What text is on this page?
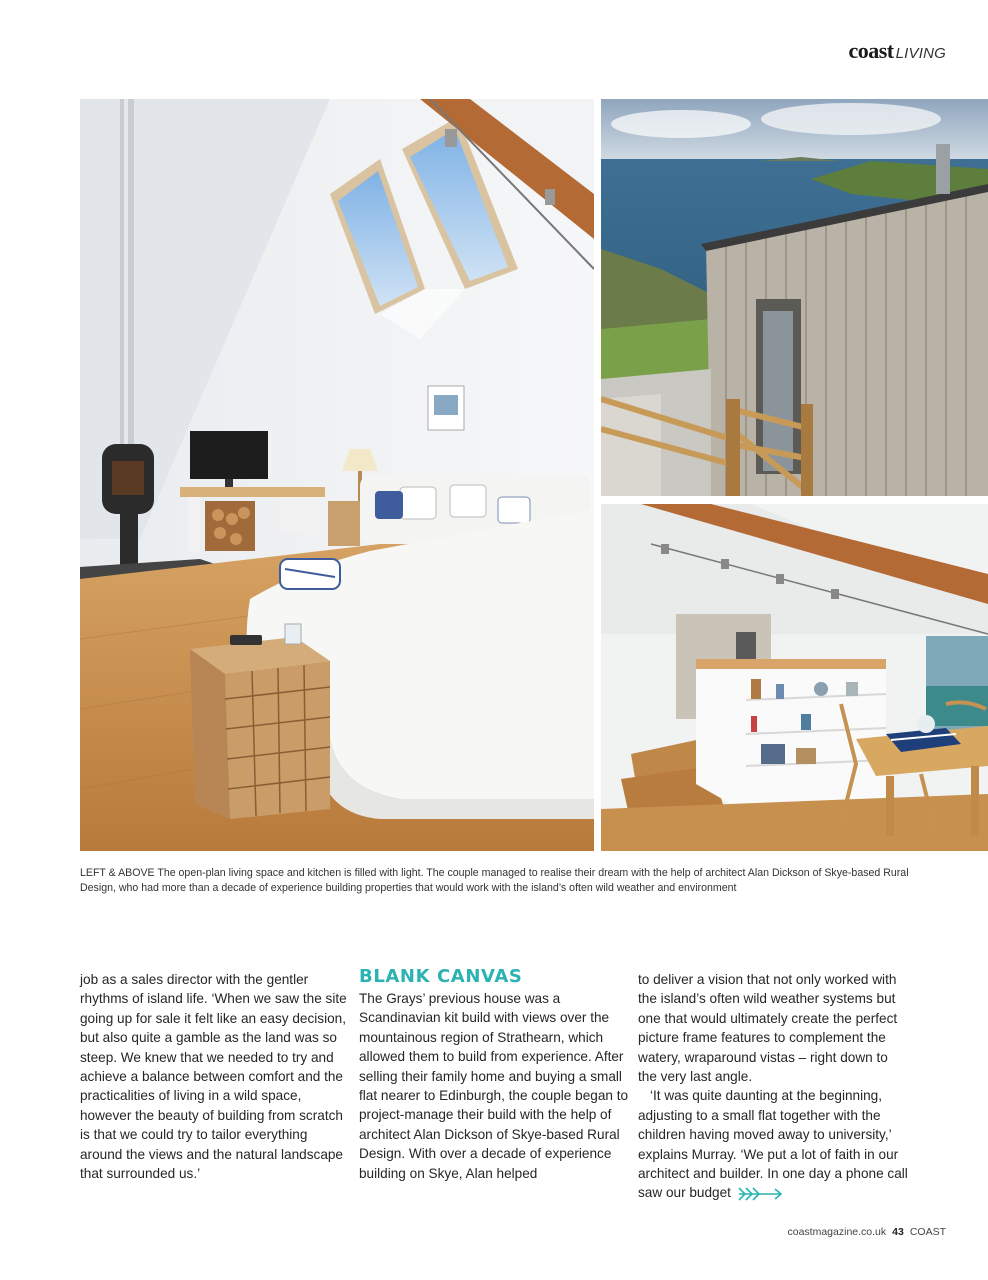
coast LIVING
LEFT & ABOVE The open-plan living space and kitchen is filled with light. The couple managed to realise their dream with the help of architect Alan Dickson of Skye-based Rural Design, who had more than a decade of experience building properties that would work with the island’s often wild weather and environment

job as a sales director with the gentler rhythms of island life. ‘When we saw the site going up for sale it felt like an easy decision, but also quite a gamble as the land was so steep. We knew that we needed to try and achieve a balance between comfort and the practicalities of living in a wild space, however the beauty of building from scratch is that we could try to tailor everything around the views and the natural landscape that surrounded us.’

BLANK CANVAS

The Grays’ previous house was a Scandinavian kit build with views over the mountainous region of Strathearn, which allowed them to build from experience. After selling their family home and buying a small flat nearer to Edinburgh, the couple began to project-manage their build with the help of architect Alan Dickson of Skye-based Rural Design. With over a decade of experience building on Skye, Alan helped

to deliver a vision that not only worked with the island’s often wild weather systems but one that would ultimately create the perfect picture frame features to complement the watery, wraparound vistas – right down to the very last angle.

‘It was quite daunting at the beginning, adjusting to a small flat together with the children having moved away to university,’ explains Murray. ‘We put a lot of faith in our architect and builder. In one day a phone call saw our budget

coastmagazine.co.uk 43 COAST
